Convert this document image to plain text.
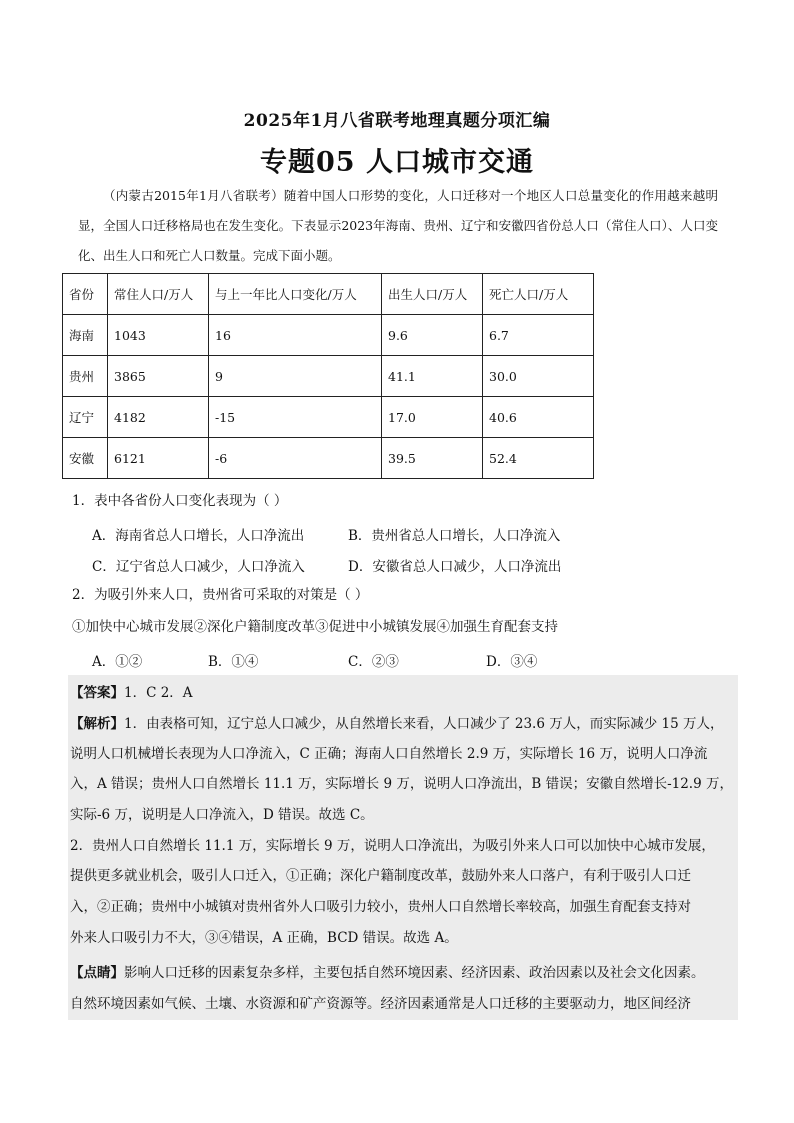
2025年1月八省联考地理真题分项汇编
专题05 人口城市交通
（内蒙古2015年1月八省联考）随着中国人口形势的变化，人口迁移对一个地区人口总量变化的作用越来越明显，全国人口迁移格局也在发生变化。下表显示2023年海南、贵州、辽宁和安徽四省份总人口（常住人口）、人口变化、出生人口和死亡人口数量。完成下面小题。
省份	常住人口/万人	与上一年比人口变化/万人	出生人口/万人	死亡人口/万人
海南	1043	16	9.6	6.7
贵州	3865	9	41.1	30.0
辽宁	4182	-15	17.0	40.6
安徽	6121	-6	39.5	52.4
1．表中各省份人口变化表现为（ ）
A．海南省总人口增长，人口净流出	B．贵州省总人口增长，人口净流入
C．辽宁省总人口减少，人口净流入	D．安徽省总人口减少，人口净流出
2．为吸引外来人口，贵州省可采取的对策是（ ）
①加快中心城市发展②深化户籍制度改革③促进中小城镇发展④加强生育配套支持
A．①②	B．①④	C．②③	D．③④
【答案】1．C 2．A
【解析】1．由表格可知，辽宁总人口减少，从自然增长来看，人口减少了 23.6 万人，而实际减少 15 万人，
说明人口机械增长表现为人口净流入，C 正确；海南人口自然增长 2.9 万，实际增长 16 万，说明人口净流
入，A 错误；贵州人口自然增长 11.1 万，实际增长 9 万，说明人口净流出，B 错误；安徽自然增长-12.9 万，
实际-6 万，说明是人口净流入，D 错误。故选 C。
2．贵州人口自然增长 11.1 万，实际增长 9 万，说明人口净流出，为吸引外来人口可以加快中心城市发展，
提供更多就业机会，吸引人口迁入，①正确；深化户籍制度改革，鼓励外来人口落户，有利于吸引人口迁
入，②正确；贵州中小城镇对贵州省外人口吸引力较小，贵州人口自然增长率较高，加强生育配套支持对
外来人口吸引力不大，③④错误，A 正确，BCD 错误。故选 A。
【点睛】影响人口迁移的因素复杂多样，主要包括自然环境因素、经济因素、政治因素以及社会文化因素。
自然环境因素如气候、土壤、水资源和矿产资源等。经济因素通常是人口迁移的主要驱动力，地区间经济
